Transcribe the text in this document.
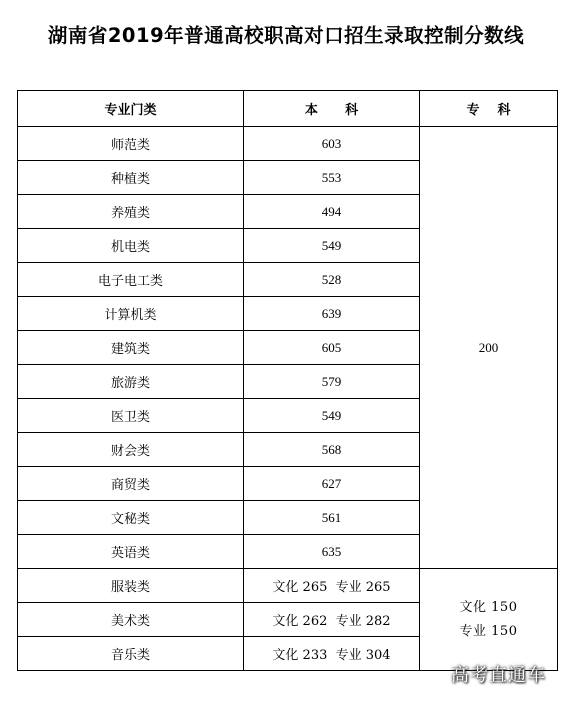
湖南省2019年普通高校职高对口招生录取控制分数线
专业门类	本      科	专    科
师范类	603	200
种植类	553	
养殖类	494	
机电类	549	
电子电工类	528	
计算机类	639	
建筑类	605	
旅游类	579	
医卫类	549	
财会类	568	
商贸类	627	
文秘类	561	
英语类	635	
服装类	文化 265  专业 265	文化 150
专业 150

美术类	文化 262  专业 282	
音乐类	文化 233  专业 304	
高考直通车
